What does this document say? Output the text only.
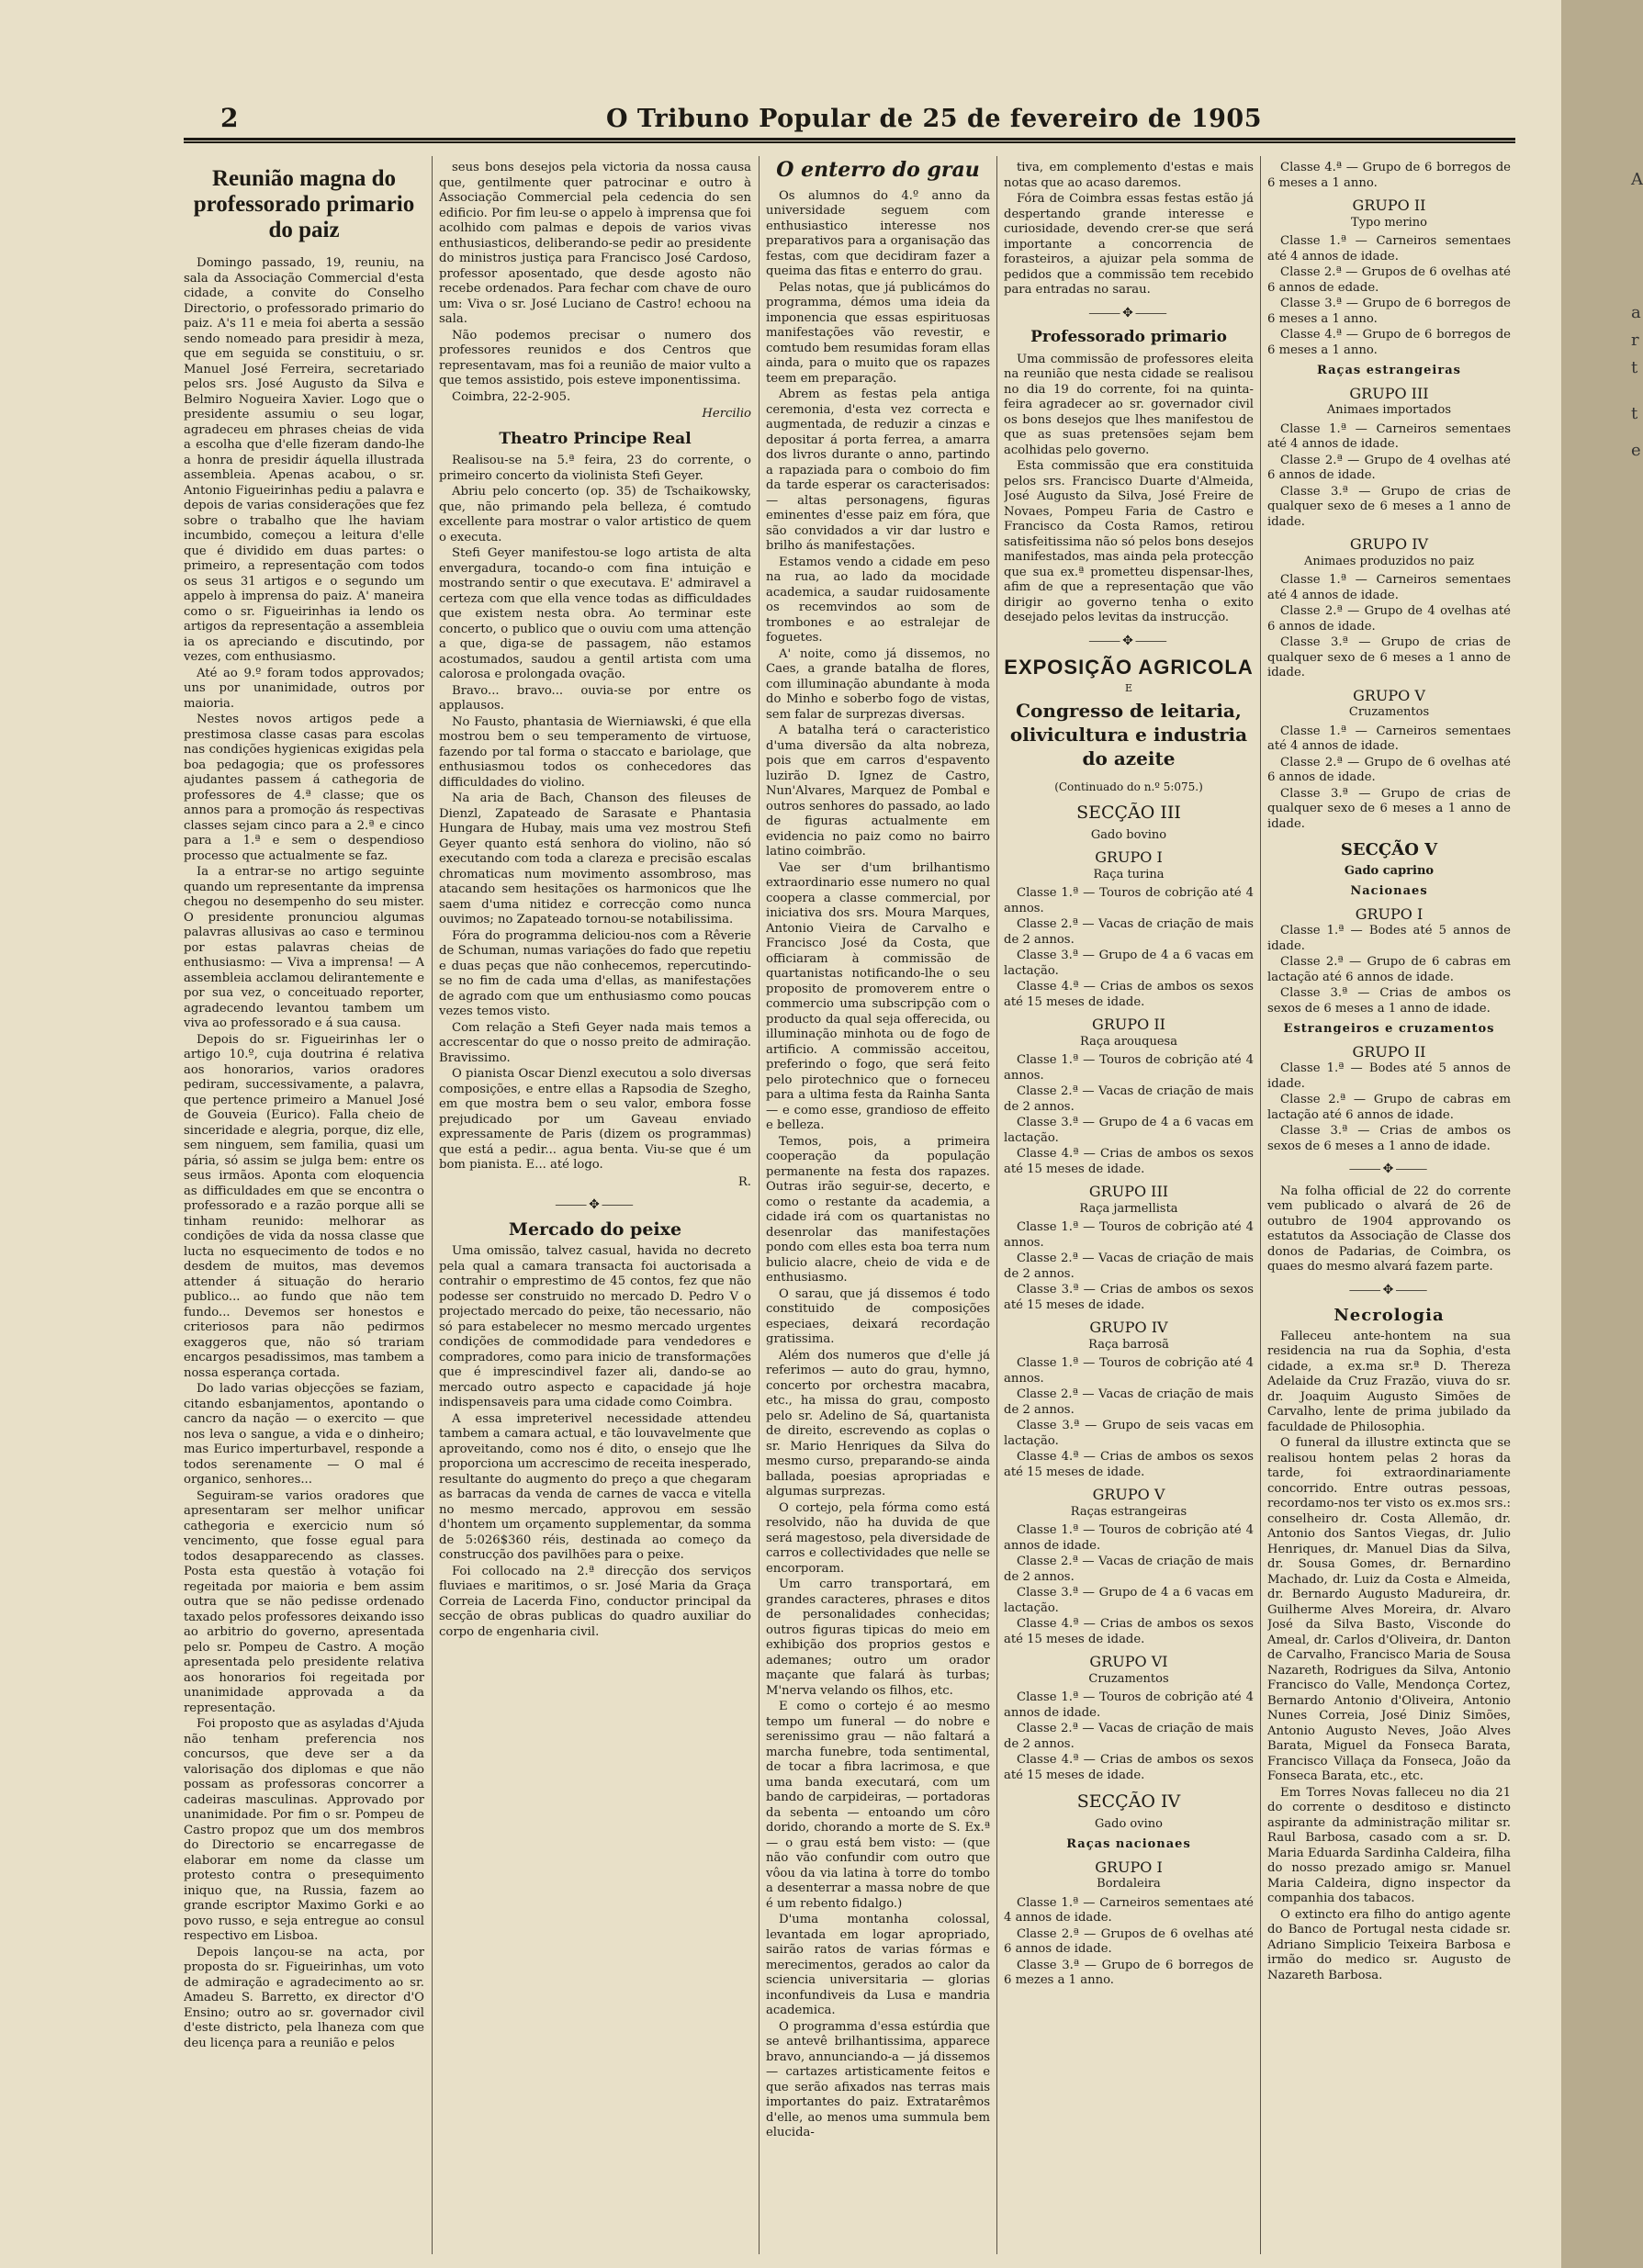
2	O Tribuno Popular de 25 de fevereiro de 1905
Reunião magna do professorado primario do paiz

Domingo passado, 19, reuniu, na sala da Associação Commercial d'esta cidade, a convite do Conselho Directorio, o professorado primario do paiz. A's 11 e meia foi aberta a sessão sendo nomeado para presidir à meza, que em seguida se constituiu, o sr. Manuel José Ferreira, secretariado pelos srs. José Augusto da Silva e Belmiro Nogueira Xavier. Logo que o presidente assumiu o seu logar, agradeceu em phrases cheias de vida a escolha que d'elle fizeram dando-lhe a honra de presidir áquella illustrada assembleia. Apenas acabou, o sr. Antonio Figueirinhas pediu a palavra e depois de varias considerações que fez sobre o trabalho que lhe haviam incumbido, começou a leitura d'elle que é dividido em duas partes: o primeiro, a representação com todos os seus 31 artigos e o segundo um appelo à imprensa do paiz. A' maneira como o sr. Figueirinhas ia lendo os artigos da representação a assembleia ia os apreciando e discutindo, por vezes, com enthusiasmo.

Até ao 9.º foram todos approvados; uns por unanimidade, outros por maioria.

Nestes novos artigos pede a prestimosa classe casas para escolas nas condições hygienicas exigidas pela boa pedagogia; que os professores ajudantes passem á cathegoria de professores de 4.ª classe; que os annos para a promoção ás respectivas classes sejam cinco para a 2.ª e cinco para a 1.ª e sem o despendioso processo que actualmente se faz.

Ia a entrar-se no artigo seguinte quando um representante da imprensa chegou no desempenho do seu mister. O presidente pronunciou algumas palavras allusivas ao caso e terminou por estas palavras cheias de enthusiasmo: — Viva a imprensa! — A assembleia acclamou delirantemente e por sua vez, o conceituado reporter, agradecendo levantou tambem um viva ao professorado e á sua causa.

Depois do sr. Figueirinhas ler o artigo 10.º, cuja doutrina é relativa aos honorarios, varios oradores pediram, successivamente, a palavra, que pertence primeiro a Manuel José de Gouveia (Eurico). Falla cheio de sinceridade e alegria, porque, diz elle, sem ninguem, sem familia, quasi um pária, só assim se julga bem: entre os seus irmãos. Aponta com eloquencia as difficuldades em que se encontra o professorado e a razão porque alli se tinham reunido: melhorar as condições de vida da nossa classe que lucta no esquecimento de todos e no desdem de muitos, mas devemos attender á situação do herario publico... ao fundo que não tem fundo... Devemos ser honestos e criteriosos para não pedirmos exaggeros que, não só trariam encargos pesadissimos, mas tambem a nossa esperança cortada.

Do lado varias objecções se faziam, citando esbanjamentos, apontando o cancro da nação — o exercito — que nos leva o sangue, a vida e o dinheiro; mas Eurico imperturbavel, responde a todos serenamente — O mal é organico, senhores...

Seguiram-se varios oradores que apresentaram ser melhor unificar cathegoria e exercicio num só vencimento, que fosse egual para todos desapparecendo as classes. Posta esta questão à votação foi regeitada por maioria e bem assim outra que se não pedisse ordenado taxado pelos professores deixando isso ao arbitrio do governo, apresentada pelo sr. Pompeu de Castro. A moção apresentada pelo presidente relativa aos honorarios foi regeitada por unanimidade approvada a da representação.

Foi proposto que as asyladas d'Ajuda não tenham preferencia nos concursos, que deve ser a da valorisação dos diplomas e que não possam as professoras concorrer a cadeiras masculinas. Approvado por unanimidade. Por fim o sr. Pompeu de Castro propoz que um dos membros do Directorio se encarregasse de elaborar em nome da classe um protesto contra o presequimento iniquo que, na Russia, fazem ao grande escriptor Maximo Gorki e ao povo russo, e seja entregue ao consul respectivo em Lisboa.

Depois lançou-se na acta, por proposta do sr. Figueirinhas, um voto de admiração e agradecimento ao sr. Amadeu S. Barretto, ex director d'O Ensino; outro ao sr. governador civil d'este districto, pela lhaneza com que deu licença para a reunião e pelos

seus bons desejos pela victoria da nossa causa que, gentilmente quer patrocinar e outro à Associação Commercial pela cedencia do sen edificio. Por fim leu-se o appelo à imprensa que foi acolhido com palmas e depois de varios vivas enthusiasticos, deliberando-se pedir ao presidente do ministros justiça para Francisco José Cardoso, professor aposentado, que desde agosto não recebe ordenados. Para fechar com chave de ouro um: Viva o sr. José Luciano de Castro! echoou na sala.

Não podemos precisar o numero dos professores reunidos e dos Centros que representavam, mas foi a reunião de maior vulto a que temos assistido, pois esteve imponentissima.

Coimbra, 22-2-905.

Hercilio

Theatro Principe Real

Realisou-se na 5.ª feira, 23 do corrente, o primeiro concerto da violinista Stefi Geyer.

Abriu pelo concerto (op. 35) de Tschaikowsky, que, não primando pela belleza, é comtudo excellente para mostrar o valor artistico de quem o executa.

Stefi Geyer manifestou-se logo artista de alta envergadura, tocando-o com fina intuição e mostrando sentir o que executava. E' admiravel a certeza com que ella vence todas as difficuldades que existem nesta obra. Ao terminar este concerto, o publico que o ouviu com uma attenção a que, diga-se de passagem, não estamos acostumados, saudou a gentil artista com uma calorosa e prolongada ovação.

Bravo... bravo... ouvia-se por entre os applausos.

No Fausto, phantasia de Wierniawski, é que ella mostrou bem o seu temperamento de virtuose, fazendo por tal forma o staccato e bariolage, que enthusiasmou todos os conhecedores das difficuldades do violino.

Na aria de Bach, Chanson des fileuses de Dienzl, Zapateado de Sarasate e Phantasia Hungara de Hubay, mais uma vez mostrou Stefi Geyer quanto está senhora do violino, não só executando com toda a clareza e precisão escalas chromaticas num movimento assombroso, mas atacando sem hesitações os harmonicos que lhe saem d'uma nitidez e correcção como nunca ouvimos; no Zapateado tornou-se notabilissima.

Fóra do programma deliciou-nos com a Rêverie de Schuman, numas variações do fado que repetiu e duas peças que não conhecemos, repercutindo-se no fim de cada uma d'ellas, as manifestações de agrado com que um enthusiasmo como poucas vezes temos visto.

Com relação a Stefi Geyer nada mais temos a accrescentar do que o nosso preito de admiração. Bravissimo.

O pianista Oscar Dienzl executou a solo diversas composições, e entre ellas a Rapsodia de Szegho, em que mostra bem o seu valor, embora fosse prejudicado por um Gaveau enviado expressamente de Paris (dizem os programmas) que está a pedir... agua benta. Viu-se que é um bom pianista. E... até logo.

R.

⸻✥⸻
Mercado do peixe

Uma omissão, talvez casual, havida no decreto pela qual a camara transacta foi auctorisada a contrahir o emprestimo de 45 contos, fez que não podesse ser construido no mercado D. Pedro V o projectado mercado do peixe, tão necessario, não só para estabelecer no mesmo mercado urgentes condições de commodidade para vendedores e compradores, como para inicio de transformações que é imprescindivel fazer ali, dando-se ao mercado outro aspecto e capacidade já hoje indispensaveis para uma cidade como Coimbra.

A essa impreterivel necessidade attendeu tambem a camara actual, e tão louvavelmente que aproveitando, como nos é dito, o ensejo que lhe proporciona um accrescimo de receita inesperado, resultante do augmento do preço a que chegaram as barracas da venda de carnes de vacca e vitella no mesmo mercado, approvou em sessão d'hontem um orçamento supplementar, da somma de 5:026$360 réis, destinada ao começo da construcção dos pavilhões para o peixe.

Foi collocado na 2.ª direcção dos serviços fluviaes e maritimos, o sr. José Maria da Graça Correia de Lacerda Fino, conductor principal da secção de obras publicas do quadro auxiliar do corpo de engenharia civil.

O enterro do grau

Os alumnos do 4.º anno da universidade seguem com enthusiastico interesse nos preparativos para a organisação das festas, com que decidiram fazer a queima das fitas e enterro do grau.

Pelas notas, que já publicámos do programma, démos uma ideia da imponencia que essas espirituosas manifestações vão revestir, e comtudo bem resumidas foram ellas ainda, para o muito que os rapazes teem em preparação.

Abrem as festas pela antiga ceremonia, d'esta vez correcta e augmentada, de reduzir a cinzas e depositar á porta ferrea, a amarra dos livros durante o anno, partindo a rapaziada para o comboio do fim da tarde esperar os caracterisados: — altas personagens, figuras eminentes d'esse paiz em fóra, que são convidados a vir dar lustro e brilho ás manifestações.

Estamos vendo a cidade em peso na rua, ao lado da mocidade academica, a saudar ruidosamente os recemvindos ao som de trombones e ao estralejar de foguetes.

A' noite, como já dissemos, no Caes, a grande batalha de flores, com illuminação abundante à moda do Minho e soberbo fogo de vistas, sem falar de surprezas diversas.

A batalha terá o caracteristico d'uma diversão da alta nobreza, pois que em carros d'espavento luzirão D. Ignez de Castro, Nun'Alvares, Marquez de Pombal e outros senhores do passado, ao lado de figuras actualmente em evidencia no paiz como no bairro latino coimbrão.

Vae ser d'um brilhantismo extraordinario esse numero no qual coopera a classe commercial, por iniciativa dos srs. Moura Marques, Antonio Vieira de Carvalho e Francisco José da Costa, que officiaram à commissão de quartanistas notificando-lhe o seu proposito de promoverem entre o commercio uma subscripção com o producto da qual seja offerecida, ou illuminação minhota ou de fogo de artificio. A commissão acceitou, preferindo o fogo, que será feito pelo pirotechnico que o forneceu para a ultima festa da Rainha Santa — e como esse, grandioso de effeito e belleza.

Temos, pois, a primeira cooperação da população permanente na festa dos rapazes. Outras irão seguir-se, decerto, e como o restante da academia, a cidade irá com os quartanistas no desenrolar das manifestações pondo com elles esta boa terra num bulicio alacre, cheio de vida e de enthusiasmo.

O sarau, que já dissemos é todo constituido de composições especiaes, deixará recordação gratissima.

Além dos numeros que d'elle já referimos — auto do grau, hymno, concerto por orchestra macabra, etc., ha missa do grau, composto pelo sr. Adelino de Sá, quartanista de direito, escrevendo as coplas o sr. Mario Henriques da Silva do mesmo curso, preparando-se ainda ballada, poesias apropriadas e algumas surprezas.

O cortejo, pela fórma como está resolvido, não ha duvida de que será magestoso, pela diversidade de carros e collectividades que nelle se encorporam.

Um carro transportará, em grandes caracteres, phrases e ditos de personalidades conhecidas; outros figuras tipicas do meio em exhibição dos proprios gestos e ademanes; outro um orador maçante que falará às turbas; M'nerva velando os filhos, etc.

E como o cortejo é ao mesmo tempo um funeral — do nobre e serenissimo grau — não faltará a marcha funebre, toda sentimental, de tocar a fibra lacrimosa, e que uma banda executará, com um bando de carpideiras, — portadoras da sebenta — entoando um côro dorido, chorando a morte de S. Ex.ª — o grau está bem visto: — (que não vão confundir com outro que vôou da via latina à torre do tombo a desenterrar a massa nobre de que é um rebento fidalgo.)

D'uma montanha colossal, levantada em logar apropriado, sairão ratos de varias fórmas e merecimentos, gerados ao calor da sciencia universitaria — glorias inconfundiveis da Lusa e mandria academica.

O programma d'essa estúrdia que se antevê brilhantissima, apparece bravo, annunciando-a — já dissemos — cartazes artisticamente feitos e que serão afixados nas terras mais importantes do paiz. Extratarêmos d'elle, ao menos uma summula bem elucida-

tiva, em complemento d'estas e mais notas que ao acaso daremos.

Fóra de Coimbra essas festas estão já despertando grande interesse e curiosidade, devendo crer-se que será importante a concorrencia de forasteiros, a ajuizar pela somma de pedidos que a commissão tem recebido para entradas no sarau.

⸻✥⸻
Professorado primario

Uma commissão de professores eleita na reunião que nesta cidade se realisou no dia 19 do corrente, foi na quinta-feira agradecer ao sr. governador civil os bons desejos que lhes manifestou de que as suas pretensões sejam bem acolhidas pelo governo.

Esta commissão que era constituida pelos srs. Francisco Duarte d'Almeida, José Augusto da Silva, José Freire de Novaes, Pompeu Faria de Castro e Francisco da Costa Ramos, retirou satisfeitissima não só pelos bons desejos manifestados, mas ainda pela protecção que sua ex.ª prometteu dispensar-lhes, afim de que a representação que vão dirigir ao governo tenha o exito desejado pelos levitas da instrucção.

⸻✥⸻
EXPOSIÇÃO AGRICOLA
E
Congresso de leitaria, olivicultura e industria do azeite
(Continuado do n.º 5:075.)
SECÇÃO III
Gado bovino
GRUPO I
Raça turina

Classe 1.ª — Touros de cobrição até 4 annos.

Classe 2.ª — Vacas de criação de mais de 2 annos.

Classe 3.ª — Grupo de 4 a 6 vacas em lactação.

Classe 4.ª — Crias de ambos os sexos até 15 meses de idade.

GRUPO II
Raça arouquesa

Classe 1.ª — Touros de cobrição até 4 annos.

Classe 2.ª — Vacas de criação de mais de 2 annos.

Classe 3.ª — Grupo de 4 a 6 vacas em lactação.

Classe 4.ª — Crias de ambos os sexos até 15 meses de idade.

GRUPO III
Raça jarmellista

Classe 1.ª — Touros de cobrição até 4 annos.

Classe 2.ª — Vacas de criação de mais de 2 annos.

Classe 3.ª — Crias de ambos os sexos até 15 meses de idade.

GRUPO IV
Raça barrosã

Classe 1.ª — Touros de cobrição até 4 annos.

Classe 2.ª — Vacas de criação de mais de 2 annos.

Classe 3.ª — Grupo de seis vacas em lactação.

Classe 4.ª — Crias de ambos os sexos até 15 meses de idade.

GRUPO V
Raças estrangeiras

Classe 1.ª — Touros de cobrição até 4 annos de idade.

Classe 2.ª — Vacas de criação de mais de 2 annos.

Classe 3.ª — Grupo de 4 a 6 vacas em lactação.

Classe 4.ª — Crias de ambos os sexos até 15 meses de idade.

GRUPO VI
Cruzamentos

Classe 1.ª — Touros de cobrição até 4 annos de idade.

Classe 2.ª — Vacas de criação de mais de 2 annos.

Classe 4.ª — Crias de ambos os sexos até 15 meses de idade.

SECÇÃO IV
Gado ovino
Raças nacionaes
GRUPO I
Bordaleira

Classe 1.ª — Carneiros sementaes até 4 annos de idade.

Classe 2.ª — Grupos de 6 ovelhas até 6 annos de idade.

Classe 3.ª — Grupo de 6 borregos de 6 mezes a 1 anno.

Classe 4.ª — Grupo de 6 borregos de 6 meses a 1 anno.

GRUPO II
Typo merino

Classe 1.ª — Carneiros sementaes até 4 annos de idade.

Classe 2.ª — Grupos de 6 ovelhas até 6 annos de edade.

Classe 3.ª — Grupo de 6 borregos de 6 meses a 1 anno.

Classe 4.ª — Grupo de 6 borregos de 6 meses a 1 anno.

Raças estrangeiras
GRUPO III
Animaes importados

Classe 1.ª — Carneiros sementaes até 4 annos de idade.

Classe 2.ª — Grupo de 4 ovelhas até 6 annos de idade.

Classe 3.ª — Grupo de crias de qualquer sexo de 6 meses a 1 anno de idade.

GRUPO IV
Animaes produzidos no paiz

Classe 1.ª — Carneiros sementaes até 4 annos de idade.

Classe 2.ª — Grupo de 4 ovelhas até 6 annos de idade.

Classe 3.ª — Grupo de crias de qualquer sexo de 6 meses a 1 anno de idade.

GRUPO V
Cruzamentos

Classe 1.ª — Carneiros sementaes até 4 annos de idade.

Classe 2.ª — Grupo de 6 ovelhas até 6 annos de idade.

Classe 3.ª — Grupo de crias de qualquer sexo de 6 meses a 1 anno de idade.

SECÇÃO V
Gado caprino
Nacionaes
GRUPO I

Classe 1.ª — Bodes até 5 annos de idade.

Classe 2.ª — Grupo de 6 cabras em lactação até 6 annos de idade.

Classe 3.ª — Crias de ambos os sexos de 6 meses a 1 anno de idade.

Estrangeiros e cruzamentos
GRUPO II

Classe 1.ª — Bodes até 5 annos de idade.

Classe 2.ª — Grupo de cabras em lactação até 6 annos de idade.

Classe 3.ª — Crias de ambos os sexos de 6 meses a 1 anno de idade.

⸻✥⸻

Na folha official de 22 do corrente vem publicado o alvará de 26 de outubro de 1904 approvando os estatutos da Associação de Classe dos donos de Padarias, de Coimbra, os quaes do mesmo alvará fazem parte.

⸻✥⸻
Necrologia

Falleceu ante-hontem na sua residencia na rua da Sophia, d'esta cidade, a ex.ma sr.ª D. Thereza Adelaide da Cruz Frazão, viuva do sr. dr. Joaquim Augusto Simões de Carvalho, lente de prima jubilado da faculdade de Philosophia.

O funeral da illustre extincta que se realisou hontem pelas 2 horas da tarde, foi extraordinariamente concorrido. Entre outras pessoas, recordamo-nos ter visto os ex.mos srs.: conselheiro dr. Costa Allemão, dr. Antonio dos Santos Viegas, dr. Julio Henriques, dr. Manuel Dias da Silva, dr. Sousa Gomes, dr. Bernardino Machado, dr. Luiz da Costa e Almeida, dr. Bernardo Augusto Madureira, dr. Guilherme Alves Moreira, dr. Alvaro José da Silva Basto, Visconde do Ameal, dr. Carlos d'Oliveira, dr. Danton de Carvalho, Francisco Maria de Sousa Nazareth, Rodrigues da Silva, Antonio Francisco do Valle, Mendonça Cortez, Bernardo Antonio d'Oliveira, Antonio Nunes Correia, José Diniz Simões, Antonio Augusto Neves, João Alves Barata, Miguel da Fonseca Barata, Francisco Villaça da Fonseca, João da Fonseca Barata, etc., etc.

Em Torres Novas falleceu no dia 21 do corrente o desditoso e distincto aspirante da administração militar sr. Raul Barbosa, casado com a sr. D. Maria Eduarda Sardinha Caldeira, filha do nosso prezado amigo sr. Manuel Maria Caldeira, digno inspector da companhia dos tabacos.

O extincto era filho do antigo agente do Banco de Portugal nesta cidade sr. Adriano Simplicio Teixeira Barbosa e irmão do medico sr. Augusto de Nazareth Barbosa.

A
a
r
t
t
e
